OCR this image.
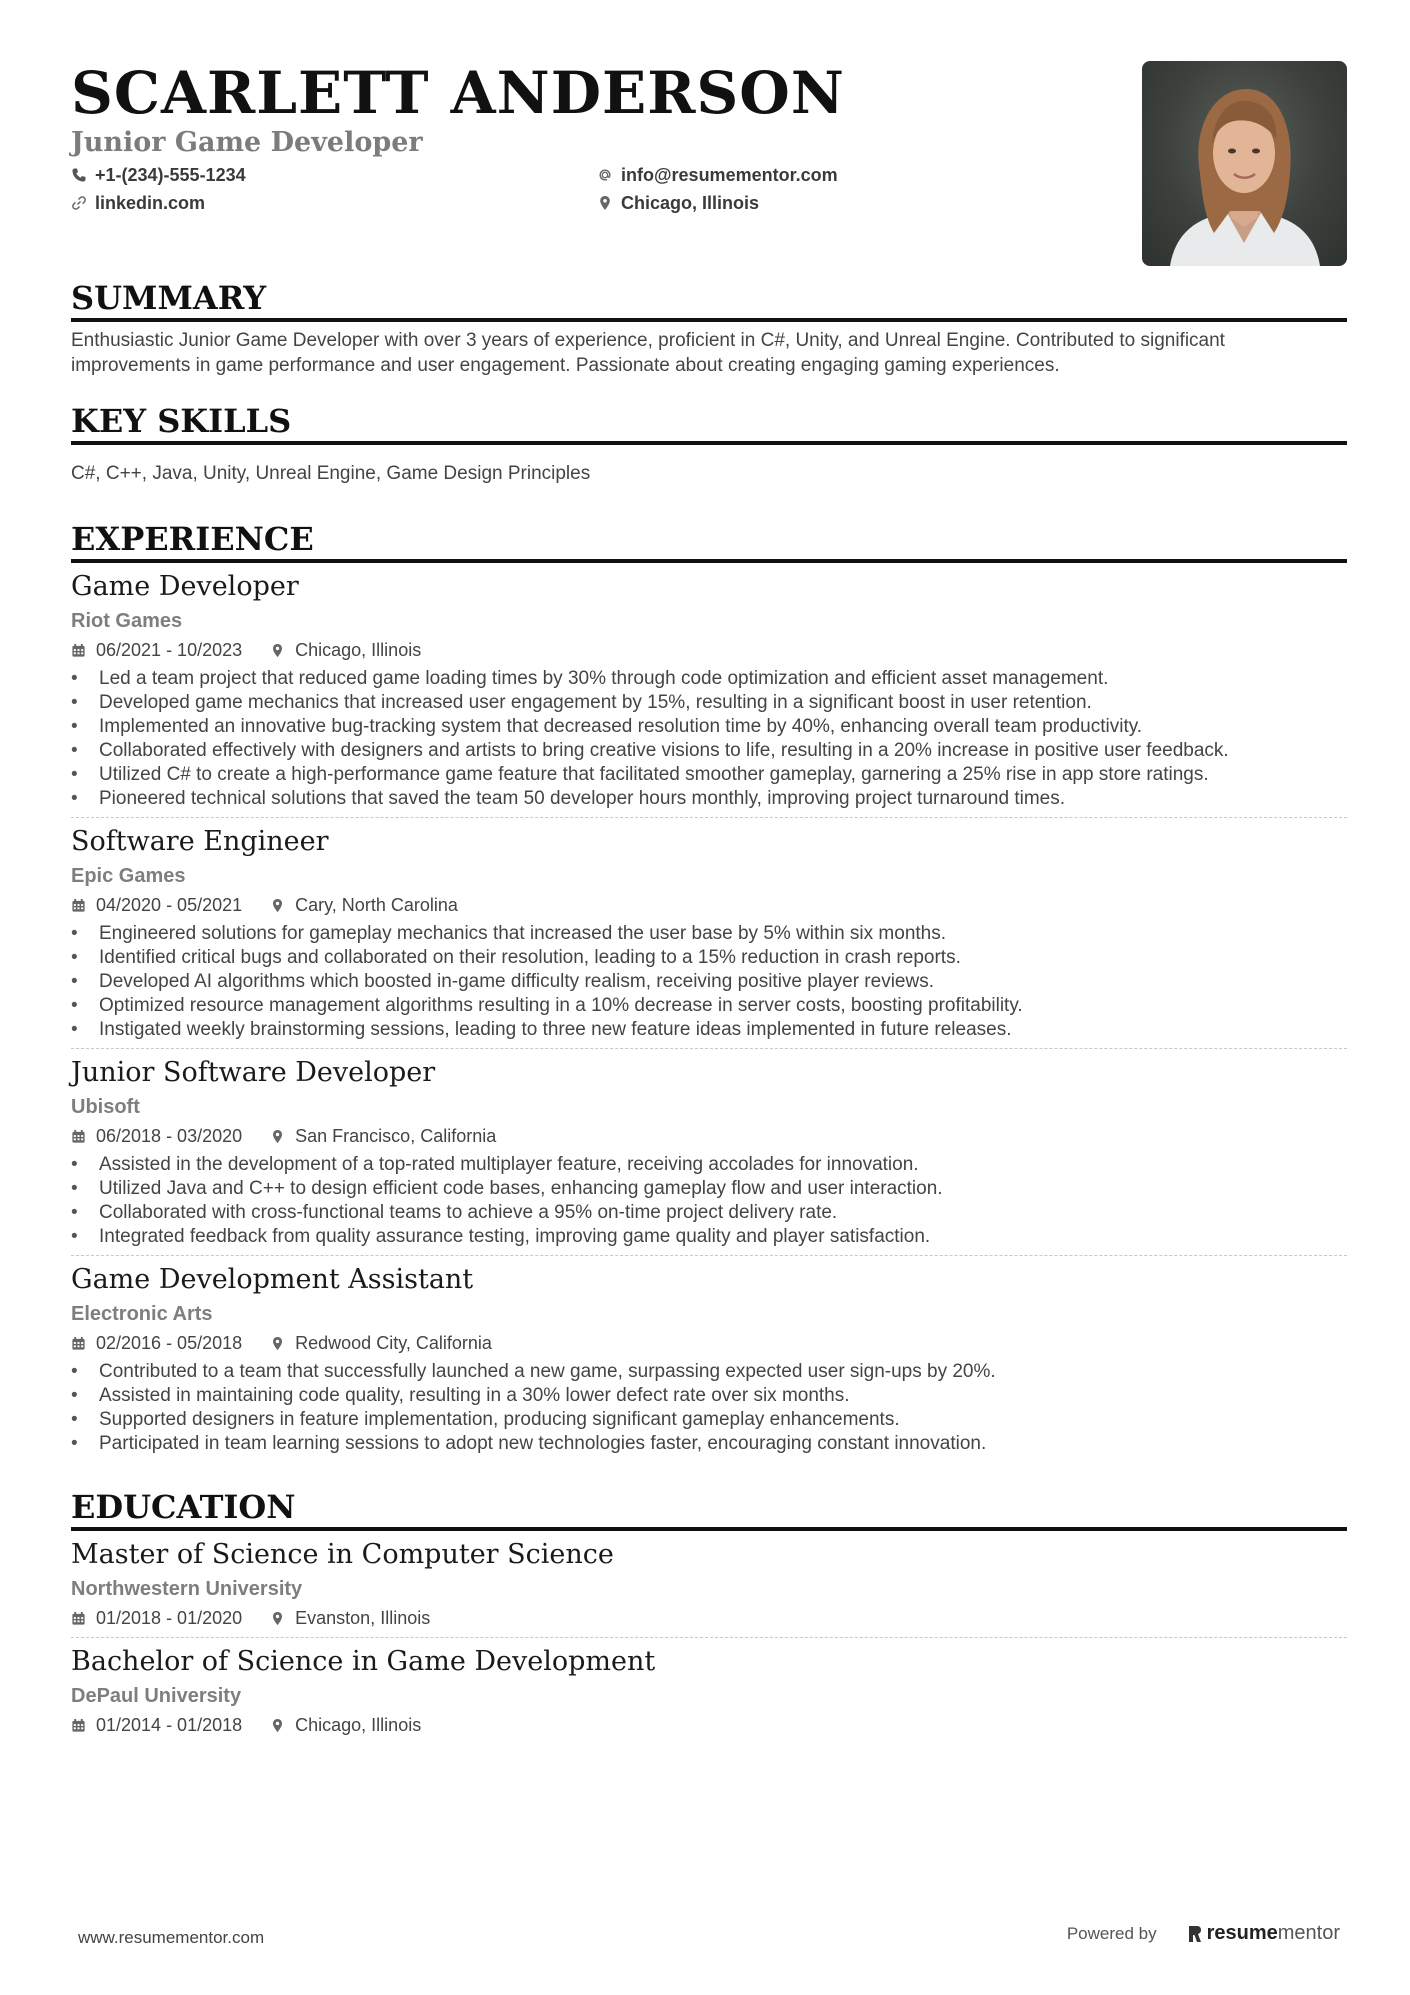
SCARLETT ANDERSON
Junior Game Developer
+1-(234)-555-1234	info@resumementor.com
linkedin.com	Chicago, Illinois
SUMMARY
Enthusiastic Junior Game Developer with over 3 years of experience, proficient in C#, Unity, and Unreal Engine. Contributed to significant improvements in game performance and user engagement. Passionate about creating engaging gaming experiences.
KEY SKILLS
C#, C++, Java, Unity, Unreal Engine, Game Design Principles
EXPERIENCE
Game Developer
Riot Games
06/2021 - 10/2023	Chicago, Illinois
• Led a team project that reduced game loading times by 30% through code optimization and efficient asset management.
• Developed game mechanics that increased user engagement by 15%, resulting in a significant boost in user retention.
• Implemented an innovative bug-tracking system that decreased resolution time by 40%, enhancing overall team productivity.
• Collaborated effectively with designers and artists to bring creative visions to life, resulting in a 20% increase in positive user feedback.
• Utilized C# to create a high-performance game feature that facilitated smoother gameplay, garnering a 25% rise in app store ratings.
• Pioneered technical solutions that saved the team 50 developer hours monthly, improving project turnaround times.
Software Engineer
Epic Games
04/2020 - 05/2021	Cary, North Carolina
• Engineered solutions for gameplay mechanics that increased the user base by 5% within six months.
• Identified critical bugs and collaborated on their resolution, leading to a 15% reduction in crash reports.
• Developed AI algorithms which boosted in-game difficulty realism, receiving positive player reviews.
• Optimized resource management algorithms resulting in a 10% decrease in server costs, boosting profitability.
• Instigated weekly brainstorming sessions, leading to three new feature ideas implemented in future releases.
Junior Software Developer
Ubisoft
06/2018 - 03/2020	San Francisco, California
• Assisted in the development of a top-rated multiplayer feature, receiving accolades for innovation.
• Utilized Java and C++ to design efficient code bases, enhancing gameplay flow and user interaction.
• Collaborated with cross-functional teams to achieve a 95% on-time project delivery rate.
• Integrated feedback from quality assurance testing, improving game quality and player satisfaction.
Game Development Assistant
Electronic Arts
02/2016 - 05/2018	Redwood City, California
• Contributed to a team that successfully launched a new game, surpassing expected user sign-ups by 20%.
• Assisted in maintaining code quality, resulting in a 30% lower defect rate over six months.
• Supported designers in feature implementation, producing significant gameplay enhancements.
• Participated in team learning sessions to adopt new technologies faster, encouraging constant innovation.
EDUCATION
Master of Science in Computer Science
Northwestern University
01/2018 - 01/2020	Evanston, Illinois
Bachelor of Science in Game Development
DePaul University
01/2014 - 01/2018	Chicago, Illinois
www.resumementor.com	Powered by	resume mentor
